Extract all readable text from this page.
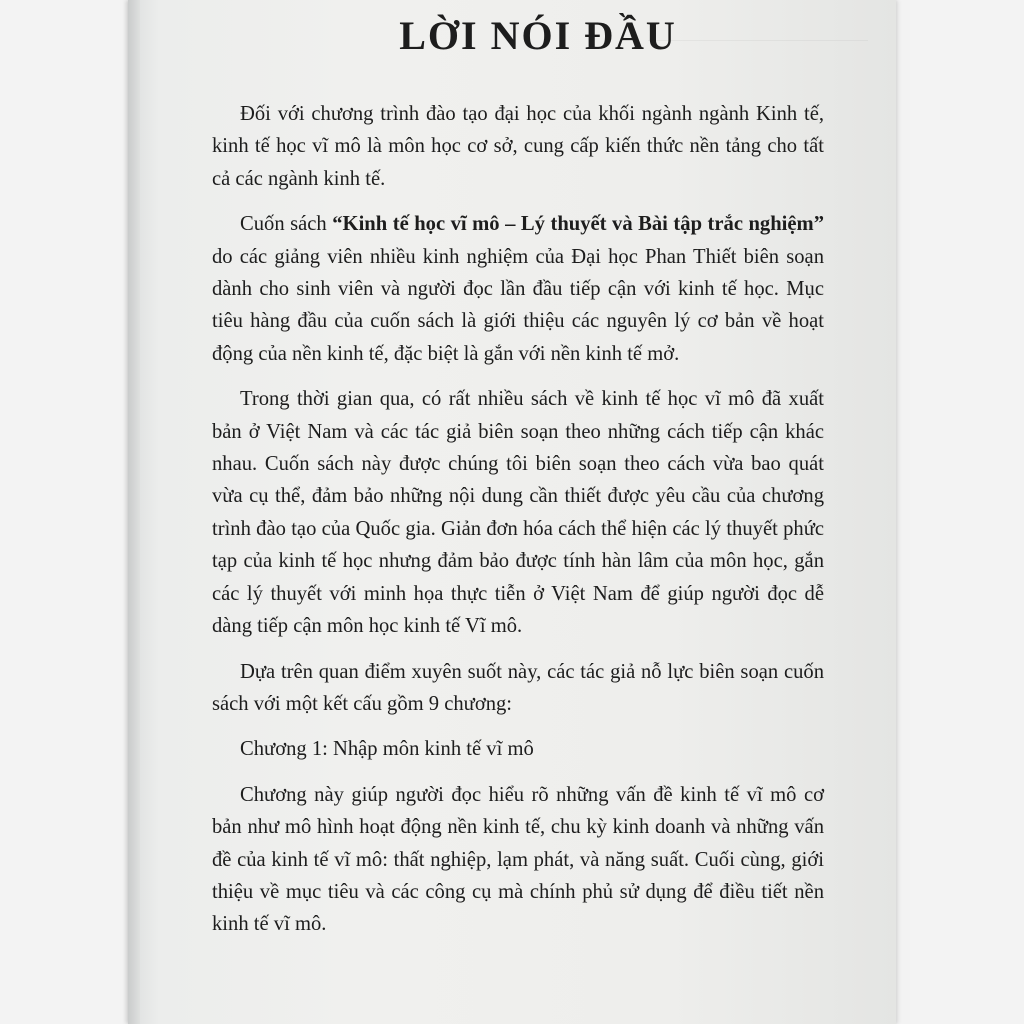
LỜI NÓI ĐẦU

Đối với chương trình đào tạo đại học của khối ngành ngành Kinh tế, kinh tế học vĩ mô là môn học cơ sở, cung cấp kiến thức nền tảng cho tất cả các ngành kinh tế.

Cuốn sách “Kinh tế học vĩ mô – Lý thuyết và Bài tập trắc nghiệm” do các giảng viên nhiều kinh nghiệm của Đại học Phan Thiết biên soạn dành cho sinh viên và người đọc lần đầu tiếp cận với kinh tế học. Mục tiêu hàng đầu của cuốn sách là giới thiệu các nguyên lý cơ bản về hoạt động của nền kinh tế, đặc biệt là gắn với nền kinh tế mở.

Trong thời gian qua, có rất nhiều sách về kinh tế học vĩ mô đã xuất bản ở Việt Nam và các tác giả biên soạn theo những cách tiếp cận khác nhau. Cuốn sách này được chúng tôi biên soạn theo cách vừa bao quát vừa cụ thể, đảm bảo những nội dung cần thiết được yêu cầu của chương trình đào tạo của Quốc gia. Giản đơn hóa cách thể hiện các lý thuyết phức tạp của kinh tế học nhưng đảm bảo được tính hàn lâm của môn học, gắn các lý thuyết với minh họa thực tiễn ở Việt Nam để giúp người đọc dễ dàng tiếp cận môn học kinh tế Vĩ mô.

Dựa trên quan điểm xuyên suốt này, các tác giả nỗ lực biên soạn cuốn sách với một kết cấu gồm 9 chương:

Chương 1: Nhập môn kinh tế vĩ mô

Chương này giúp người đọc hiểu rõ những vấn đề kinh tế vĩ mô cơ bản như mô hình hoạt động nền kinh tế, chu kỳ kinh doanh và những vấn đề của kinh tế vĩ mô: thất nghiệp, lạm phát, và năng suất. Cuối cùng, giới thiệu về mục tiêu và các công cụ mà chính phủ sử dụng để điều tiết nền kinh tế vĩ mô.
